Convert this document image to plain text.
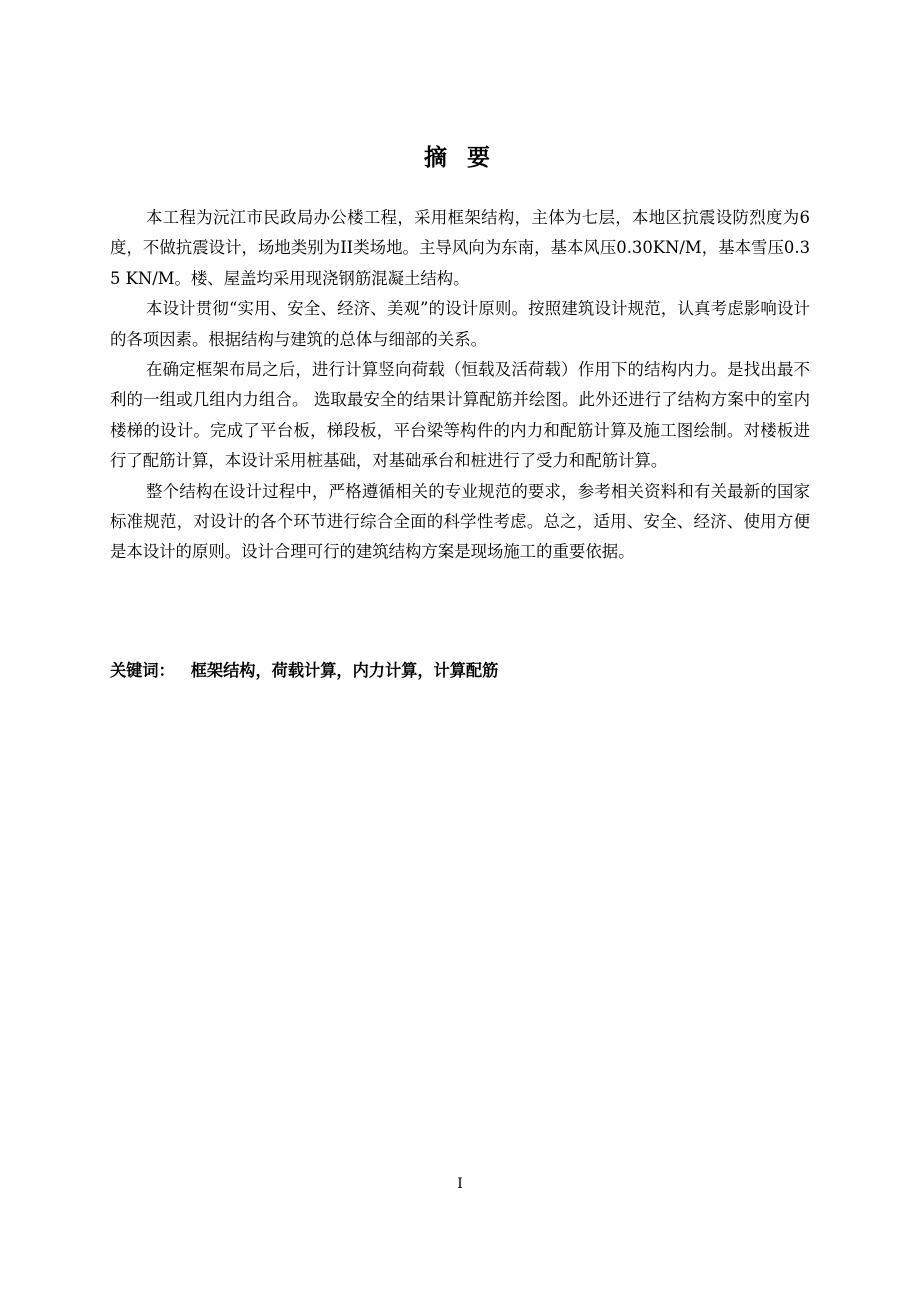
摘 要

本工程为沅江市民政局办公楼工程，采用框架结构，主体为七层，本地区抗震设防烈度为6度，不做抗震设计，场地类别为II类场地。主导风向为东南，基本风压0.30KN/M，基本雪压0.35 KN/M。楼、屋盖均采用现浇钢筋混凝土结构。

本设计贯彻“实用、安全、经济、美观”的设计原则。按照建筑设计规范，认真考虑影响设计的各项因素。根据结构与建筑的总体与细部的关系。

在确定框架布局之后，进行计算竖向荷载（恒载及活荷载）作用下的结构内力。是找出最不利的一组或几组内力组合。 选取最安全的结果计算配筋并绘图。此外还进行了结构方案中的室内楼梯的设计。完成了平台板，梯段板，平台梁等构件的内力和配筋计算及施工图绘制。对楼板进行了配筋计算，本设计采用桩基础，对基础承台和桩进行了受力和配筋计算。

整个结构在设计过程中，严格遵循相关的专业规范的要求，参考相关资料和有关最新的国家标准规范，对设计的各个环节进行综合全面的科学性考虑。总之，适用、安全、经济、使用方便是本设计的原则。设计合理可行的建筑结构方案是现场施工的重要依据。

关键词： 框架结构，荷载计算，内力计算，计算配筋

I
